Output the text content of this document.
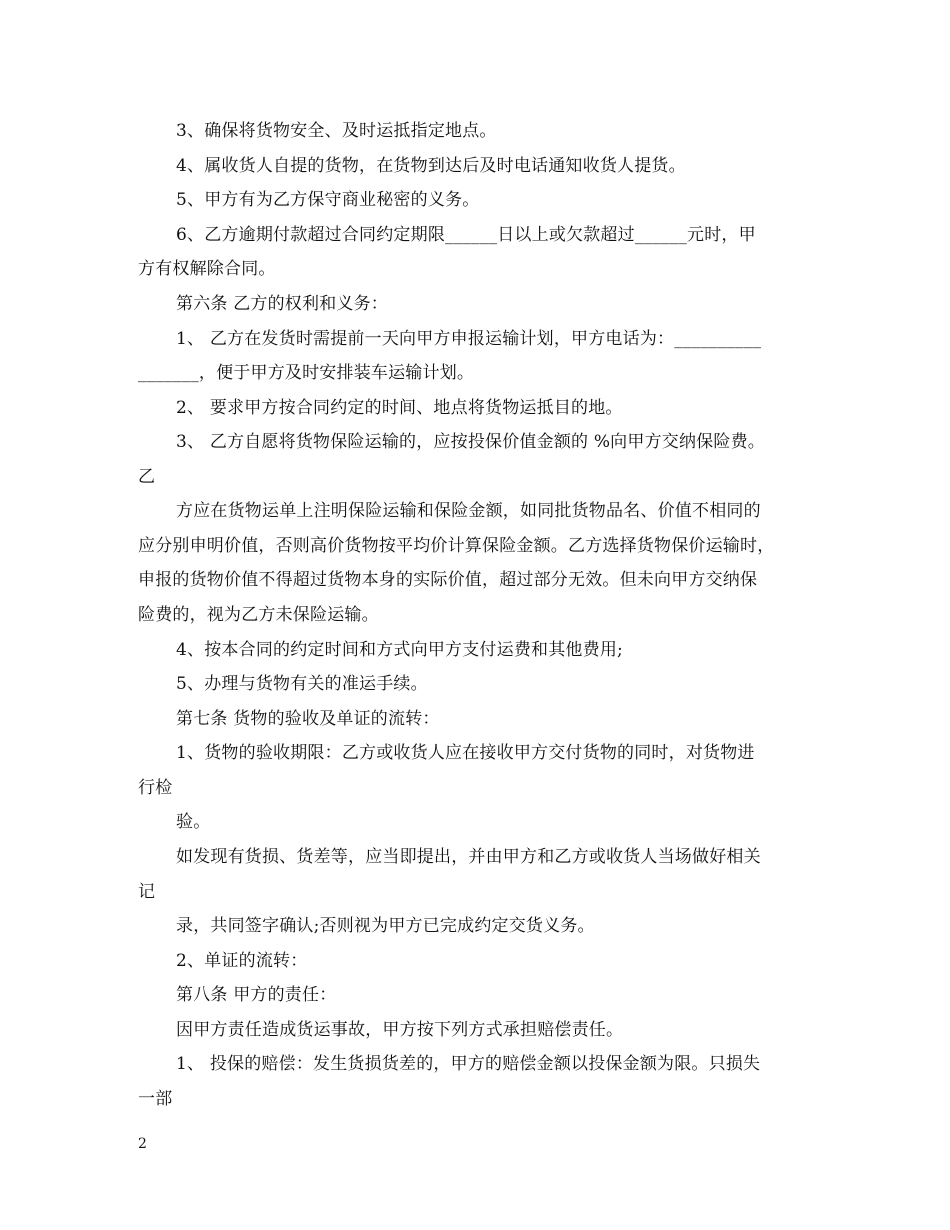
3、确保将货物安全、及时运抵指定地点。
4、属收货人自提的货物，在货物到达后及时电话通知收货人提货。
5、甲方有为乙方保守商业秘密的义务。
6、乙方逾期付款超过合同约定期限______日以上或欠款超过______元时，甲
方有权解除合同。
第六条 乙方的权利和义务：
1、 乙方在发货时需提前一天向甲方申报运输计划，甲方电话为：__________
_______，便于甲方及时安排装车运输计划。
2、 要求甲方按合同约定的时间、地点将货物运抵目的地。
3、 乙方自愿将货物保险运输的，应按投保价值金额的 %向甲方交纳保险费。
乙
方应在货物运单上注明保险运输和保险金额，如同批货物品名、价值不相同的
应分别申明价值，否则高价货物按平均价计算保险金额。乙方选择货物保价运输时，
申报的货物价值不得超过货物本身的实际价值，超过部分无效。但未向甲方交纳保
险费的，视为乙方未保险运输。
4、按本合同的约定时间和方式向甲方支付运费和其他费用;
5、办理与货物有关的准运手续。
第七条 货物的验收及单证的流转：
1、货物的验收期限：乙方或收货人应在接收甲方交付货物的同时，对货物进
行检
验。
如发现有货损、货差等，应当即提出，并由甲方和乙方或收货人当场做好相关
记
录，共同签字确认;否则视为甲方已完成约定交货义务。
2、单证的流转：
第八条 甲方的责任：
因甲方责任造成货运事故，甲方按下列方式承担赔偿责任。
1、 投保的赔偿：发生货损货差的，甲方的赔偿金额以投保金额为限。只损失
一部
2
